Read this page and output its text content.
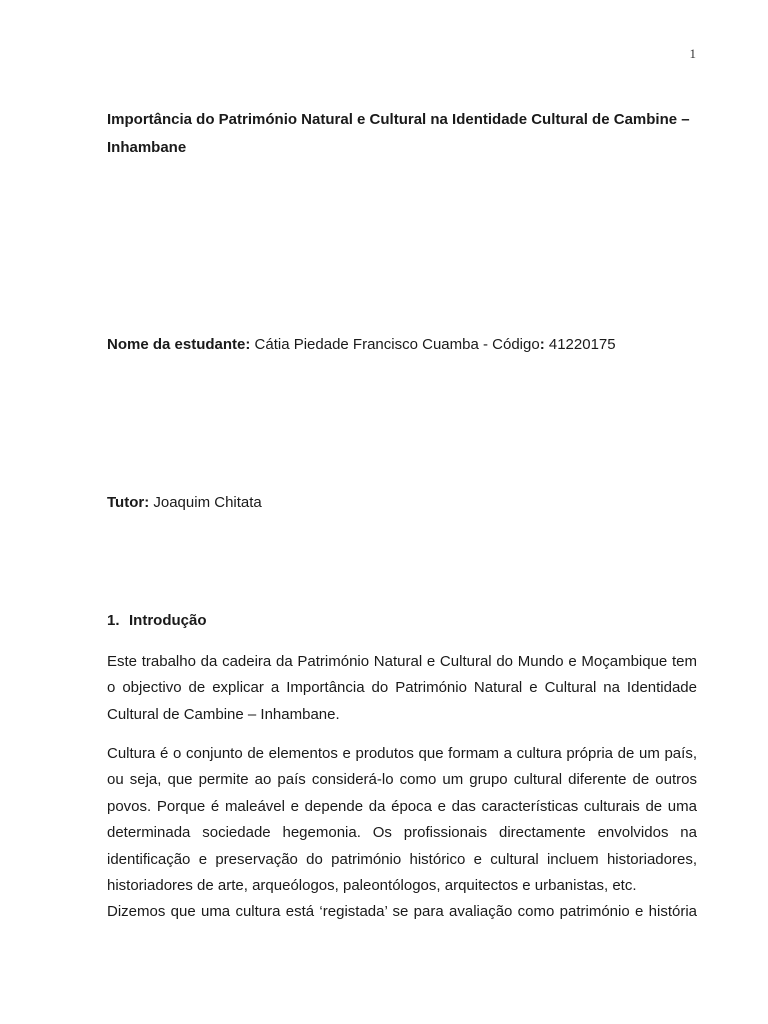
1

Importância do Património Natural e Cultural na Identidade Cultural de Cambine – Inhambane

Nome da estudante: Cátia Piedade Francisco Cuamba - Código: 41220175

Tutor: Joaquim Chitata

1. Introdução

Este trabalho da cadeira da Património Natural e Cultural do Mundo e Moçambique tem o objectivo de explicar a Importância do Património Natural e Cultural na Identidade Cultural de Cambine – Inhambane.

Cultura é o conjunto de elementos e produtos que formam a cultura própria de um país, ou seja, que permite ao país considerá-lo como um grupo cultural diferente de outros povos. Porque é maleável e depende da época e das características culturais de uma determinada sociedade hegemonia. Os profissionais directamente envolvidos na identificação e preservação do património histórico e cultural incluem historiadores, historiadores de arte, arqueólogos, paleontólogos, arquitectos e urbanistas, etc.
Dizemos que uma cultura está ‘registada’ se para avaliação como património e história
